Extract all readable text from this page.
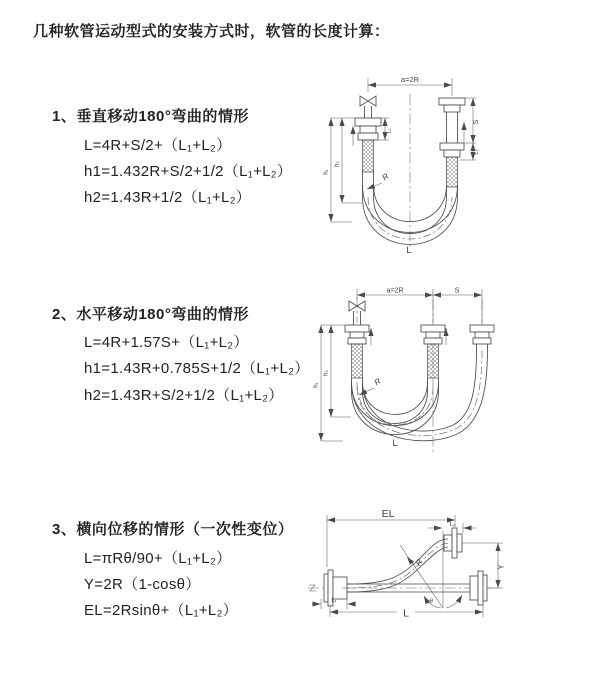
几种软管运动型式的安装方式时，软管的长度计算：
1、垂直移动180°弯曲的情形
L=4R+S/2+（L₁+L₂）
h1=1.432R+S/2+1/2（L₁+L₂）
h2=1.43R+1/2（L₁+L₂）
2、水平移动180°弯曲的情形
L=4R+1.57S+（L₁+L₂）
h1=1.43R+0.785S+1/2（L₁+L₂）
h2=1.43R+S/2+1/2（L₁+L₂）
3、横向位移的情形（一次性变位）
L=πRθ/90+（L₁+L₂）
Y=2R（1-cosθ）
EL=2Rsinθ+（L₁+L₂）
a=2R
L₁
S
L₂
h₁
h₂
R
L
a=2R	S
h₁
h₂
R
L
EL
L₂
Y
θ
R
L
L₁
